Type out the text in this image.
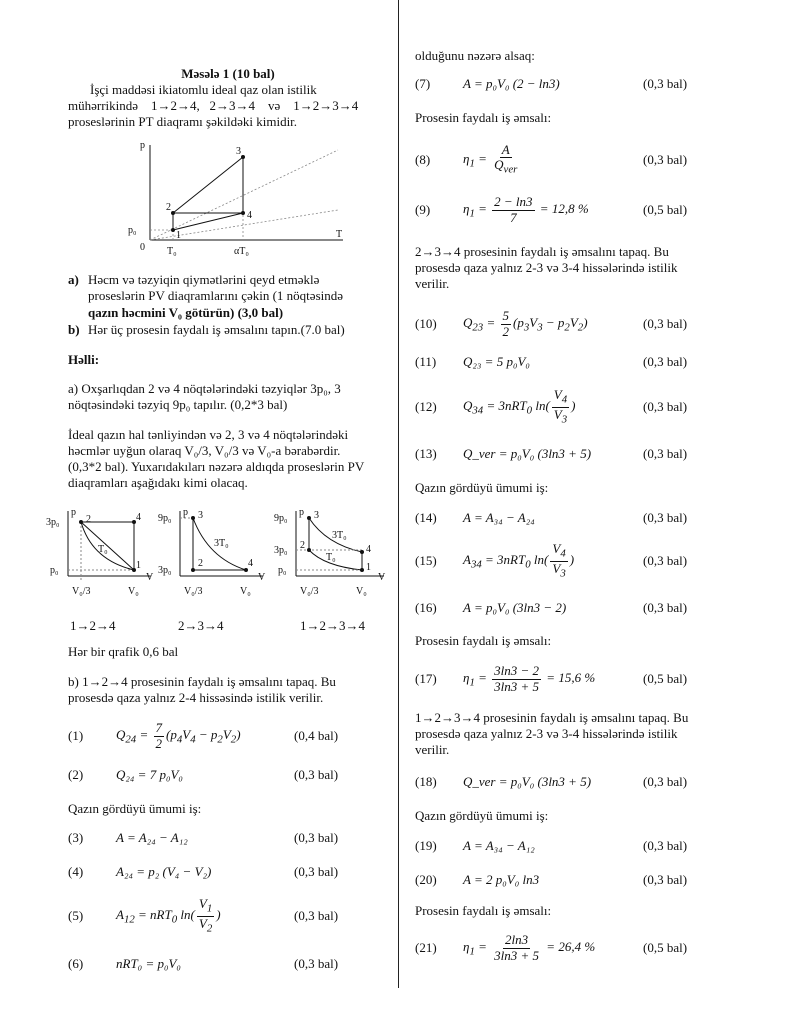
Məsələ 1 (10 bal)
İşçi maddəsi ikiatomlu ideal qaz olan istilik
mühərrikində    1→2→4,   2→3→4    və    1→2→3→4
proseslərinin PT diaqramı şəkildəki kimidir.
p
T
0
p₀
T₀	αT₀
1
2
3
4
a) Həcm və təzyiqin qiymətlərini qeyd etməklə
proseslərin PV diaqramlarını çəkin (1 nöqtəsində
qazın həcmini V₀ götürün) (3,0 bal)
b) Hər üç prosesin faydalı iş əmsalını tapın.(7.0 bal)
Həlli:
a) Oxşarlıqdan 2 və 4 nöqtələrindəki təzyiqlər 3p₀, 3
nöqtəsindəki təzyiq 9p₀ tapılır. (0,2*3 bal)
İdeal qazın hal tənliyindən və 2, 3 və 4 nöqtələrindəki
həcmlər uyğun olaraq V₀/3, V₀/3 və V₀-a bərabərdir.
(0,3*2 bal). Yuxarıdakıları nəzərə aldıqda proseslərin PV
diaqramları aşağıdakı kimi olacaq.
p
V
3p₀
p₀
V₀/3	V₀
T₀
2	4
1
p
V
9p₀
3p₀
V₀/3	V₀
3T₀
3
2	4
p
V
9p₀
3p₀
p₀
V₀/3	V₀
3T₀
T₀
3
2	4
1
1→2→4	2→3→4	1→2→3→4
Hər bir qrafik 0,6 bal
b) 1→2→4 prosesinin faydalı iş əmsalını tapaq. Bu
prosesdə qaza yalnız 2-4 hissəsində istilik verilir.
(1)	$Q_{24} = \frac{7}{2} (p_4V_4 - p_2V_2)$	(0,4 bal)
(2)	Q₂₄ = 7 p₀V₀	(0,3 bal)
Qazın gördüyü ümumi iş:
(3)	A = A₂₄ − A₁₂	(0,3 bal)
(4)	A₂₄ = p₂ (V₄ − V₂)	(0,3 bal)
(5)	$A_{12} = nRT_0$ $\ln( \frac{V_1}{V_2}$ )	(0,3 bal)
(6)	nRT₀ = p₀V₀	(0,3 bal)
olduğunu nəzərə alsaq:
(7)	A = p₀V₀ (2 − ln3)	(0,3 bal)
Prosesin faydalı iş əmsalı:
(8)	$\eta_1 = \frac{A}{Q_{ver}}$	(0,3 bal)
(9)	$\eta_1 = \frac{2 - \ln 3}{7} = 12,8$ %	(0,5 bal)
2→3→4 prosesinin faydalı iş əmsalını tapaq. Bu
prosesdə qaza yalnız 2-3 və 3-4 hissələrində istilik
verilir.
(10)	$Q_{23} = \frac{5}{2} (p_3V_3 - p_2V_2)$	(0,3 bal)
(11)	Q₂₃ = 5 p₀V₀	(0,3 bal)
(12)	$Q_{34} = 3nRT_0$ $\ln( \frac{V_4}{V_3}$ )	(0,3 bal)
(13)	Q_ver = p₀V₀ (3ln3 + 5)	(0,3 bal)
Qazın gördüyü ümumi iş:
(14)	A = A₃₄ − A₂₄	(0,3 bal)
(15)	$A_{34} = 3nRT_0$ $\ln( \frac{V_4}{V_3}$ )	(0,3 bal)
(16)	A = p₀V₀ (3ln3 − 2)	(0,3 bal)
Prosesin faydalı iş əmsalı:
(17)	$\eta_1 = \frac{3\ln 3 - 2}{3\ln 3 + 5} = 15,6$ %	(0,5 bal)
1→2→3→4 prosesinin faydalı iş əmsalını tapaq. Bu
prosesdə qaza yalnız 2-3 və 3-4 hissələrində istilik
verilir.
(18)	Q_ver = p₀V₀ (3ln3 + 5)	(0,3 bal)
Qazın gördüyü ümumi iş:
(19)	A = A₃₄ − A₁₂	(0,3 bal)
(20)	A = 2 p₀V₀ ln3	(0,3 bal)
Prosesin faydalı iş əmsalı:
(21)	$\eta_1 = \frac{2\ln 3}{3\ln 3 + 5} = 26,4$ %	(0,5 bal)
